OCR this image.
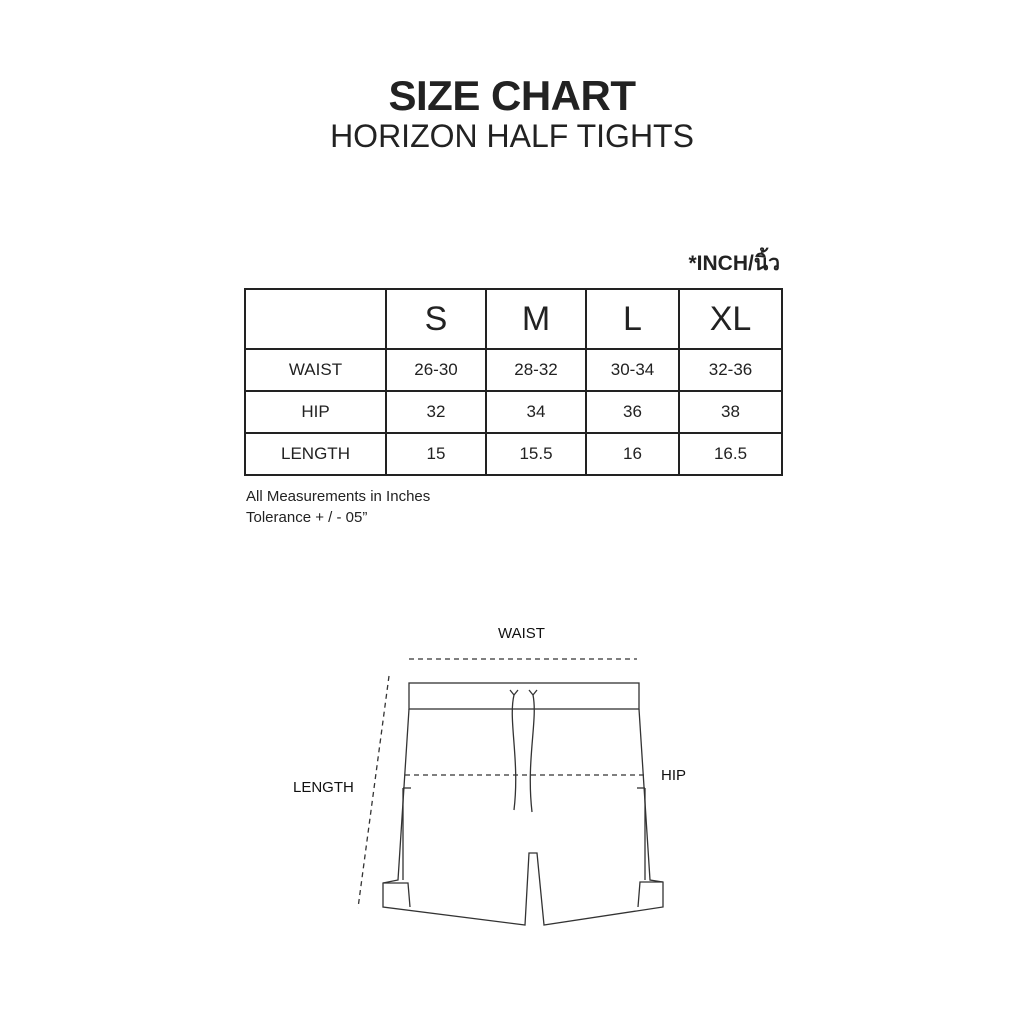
SIZE CHART
HORIZON HALF TIGHTS
*INCH/นิ้ว
	S	M	L	XL
WAIST	26-30	28-32	30-34	32-36
HIP	32	34	36	38
LENGTH	15	15.5	16	16.5
All Measurements in Inches
Tolerance + / - 05”
WAIST
HIP
LENGTH
